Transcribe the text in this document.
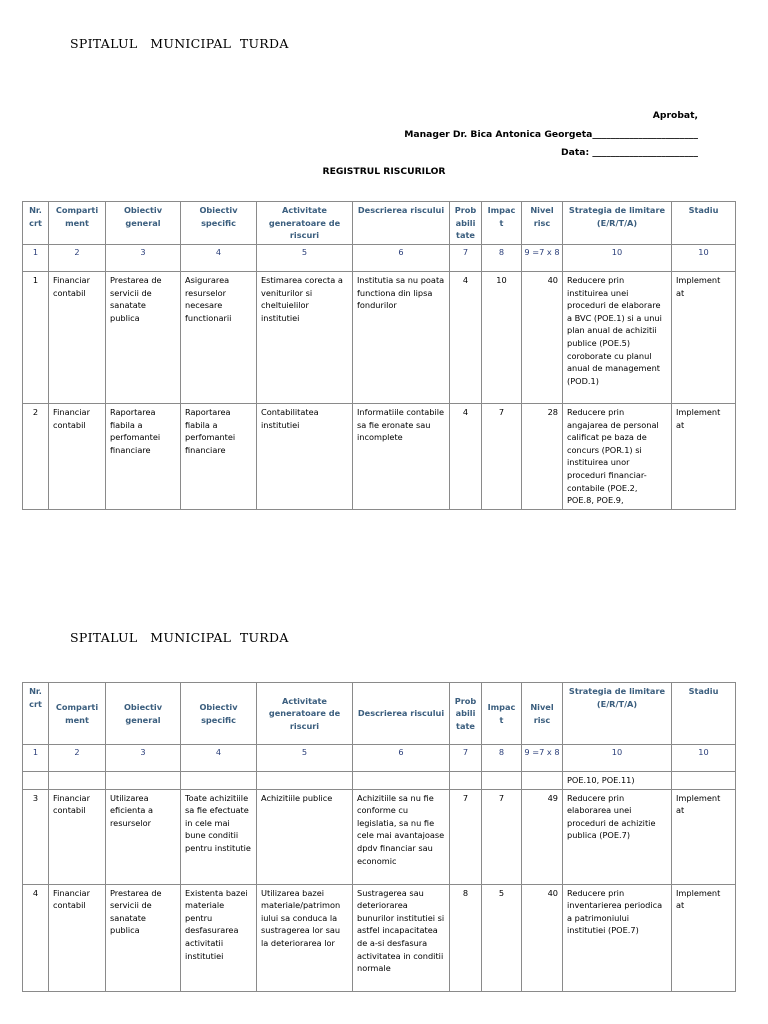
SPITALUL   MUNICIPAL  TURDA
Aprobat,
Manager Dr. Bica Antonica Georgeta_______________________
Data: _______________________
REGISTRUL RISCURILOR
Nr. crt	Comparti ment	Obiectiv general	Obiectiv specific	Activitate generatoare de riscuri	Descrierea riscului	Prob abili tate	Impac t	Nivel risc	Strategia de limitare (E/R/T/A)	Stadiu
1	2	3	4	5	6	7	8	9 =7 x 8	10	10
1	Financiar contabil	Prestarea de servicii de sanatate publica	Asigurarea resurselor necesare functionarii	Estimarea corecta a veniturilor si cheltuielilor institutiei	Institutia sa nu poata functiona din lipsa fondurilor	4	10	40	Reducere prin instituirea unei proceduri de elaborare a BVC (POE.1) si a unui plan anual de achizitii publice (POE.5) coroborate cu planul anual de management (POD.1)	Implement at
2	Financiar contabil	Raportarea fiabila a perfomantei financiare	Raportarea fiabila a perfomantei financiare	Contabilitatea institutiei	Informatiile contabile sa fie eronate sau incomplete	4	7	28	Reducere prin angajarea de personal calificat pe baza de concurs (POR.1) si instituirea unor proceduri financiar-contabile (POE.2, POE.8, POE.9,	Implement at
SPITALUL   MUNICIPAL  TURDA
Nr. crt	Comparti ment	Obiectiv general	Obiectiv specific	Activitate generatoare de riscuri	Descrierea riscului	Prob abili tate	Impac t	Nivel risc	Strategia de limitare (E/R/T/A)	Stadiu
1	2	3	4	5	6	7	8	9 =7 x 8	10	10
									POE.10, POE.11)	
3	Financiar contabil	Utilizarea eficienta a resurselor	Toate achizitiile sa fie efectuate in cele mai bune conditii pentru institutie	Achizitiile publice	Achizitiile sa nu fie conforme cu legislatia, sa nu fie cele mai avantajoase dpdv financiar sau economic	7	7	49	Reducere prin elaborarea unei proceduri de achizitie publica (POE.7)	Implement at
4	Financiar contabil	Prestarea de servicii de sanatate publica	Existenta bazei materiale pentru desfasurarea activitatii institutiei	Utilizarea bazei materiale/patrimon iului sa conduca la sustragerea lor sau la deteriorarea lor	Sustragerea sau deteriorarea bunurilor institutiei si astfel incapacitatea de a-si desfasura activitatea in conditii normale	8	5	40	Reducere prin inventarierea periodica a patrimoniului institutiei (POE.7)	Implement at
